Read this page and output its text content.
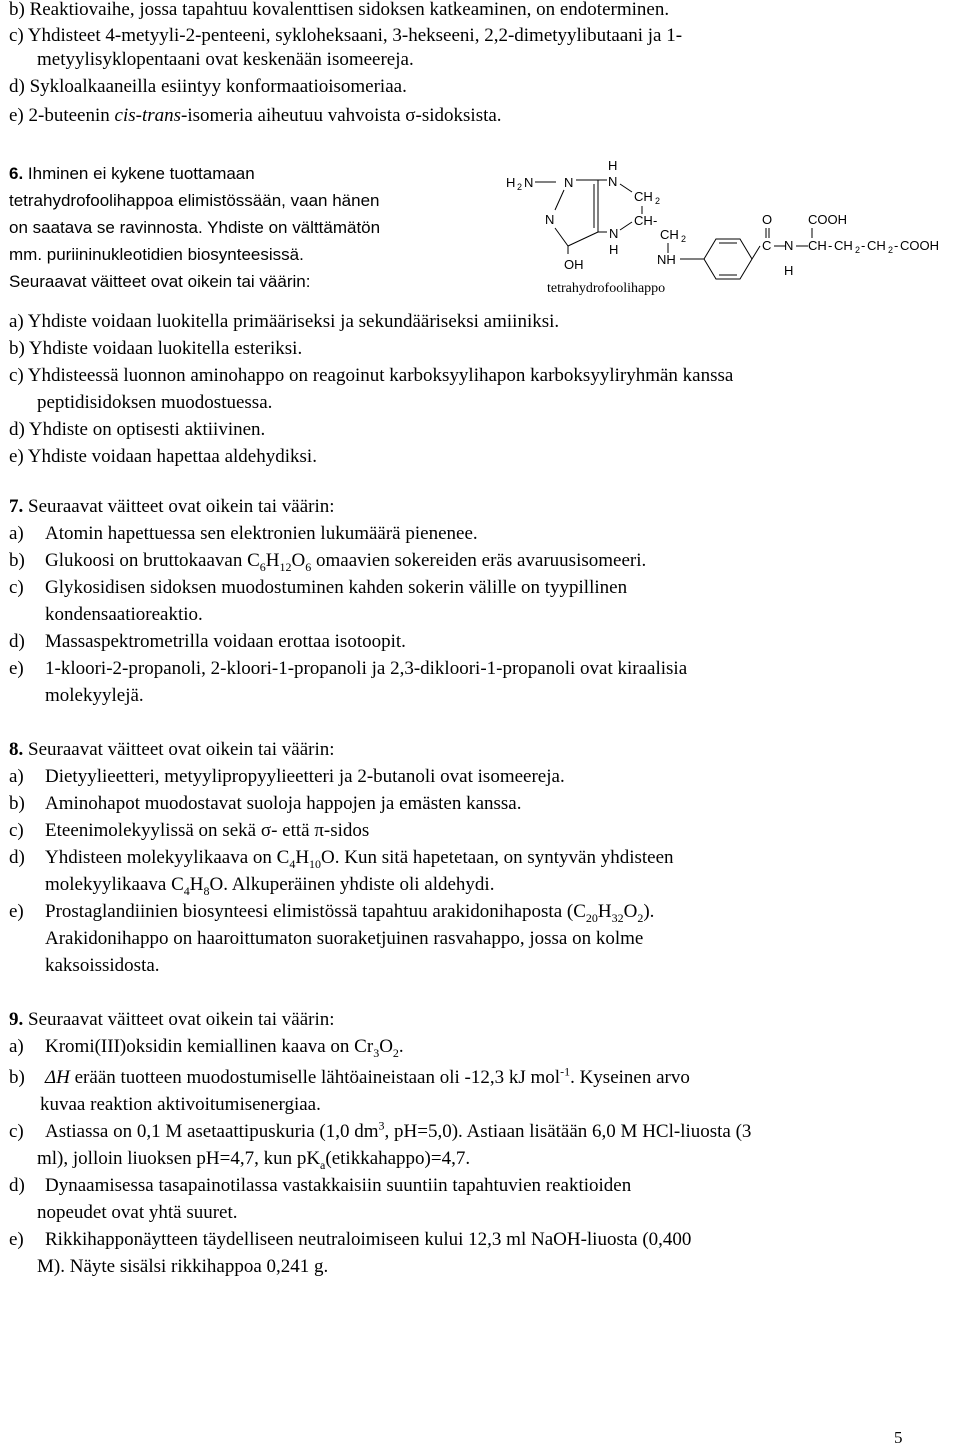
b) Reaktiovaihe, jossa tapahtuu kovalenttisen sidoksen katkeaminen, on endoterminen.
c) Yhdisteet 4-metyyli-2-penteeni, sykloheksaani, 3-hekseeni, 2,2-dimetyylibutaani ja 1-
metyylisyklopentaani ovat keskenään isomeereja.
d) Sykloalkaaneilla esiintyy konformaatioisomeriaa.
e) 2-buteenin cis-trans-isomeria aiheutuu vahvoista σ-sidoksista.
6. Ihminen ei kykene tuottamaan
tetrahydrofoolihappoa elimistössään, vaan hänen
on saatava se ravinnosta. Yhdiste on välttämätön
mm. puriininukleotidien biosynteesissä.
Seuraavat väitteet ovat oikein tai väärin:
H 2 N N
N
OH
H
N
CH 2
CH
N
H
-
CH 2
NH
O
C N
H
COOH
CH - CH 2 - CH 2 - COOH
tetrahydrofoolihappo
a) Yhdiste voidaan luokitella primääriseksi ja sekundääriseksi amiiniksi.
b) Yhdiste voidaan luokitella esteriksi.
c) Yhdisteessä luonnon aminohappo on reagoinut karboksyylihapon karboksyyliryhmän kanssa
peptidisidoksen muodostuessa.
d) Yhdiste on optisesti aktiivinen.
e) Yhdiste voidaan hapettaa aldehydiksi.
7. Seuraavat väitteet ovat oikein tai väärin:
a) Atomin hapettuessa sen elektronien lukumäärä pienenee.
b) Glukoosi on bruttokaavan $C_6H_{12}O_6$ omaavien sokereiden eräs avaruusisomeeri.
c) Glykosidisen sidoksen muodostuminen kahden sokerin välille on tyypillinen
kondensaatioreaktio.
d) Massaspektrometrilla voidaan erottaa isotoopit.
e) 1-kloori-2-propanoli, 2-kloori-1-propanoli ja 2,3-dikloori-1-propanoli ovat kiraalisia
molekyylejä.
8. Seuraavat väitteet ovat oikein tai väärin:
a) Dietyylieetteri, metyylipropyylieetteri ja 2-butanoli ovat isomeereja.
b) Aminohapot muodostavat suoloja happojen ja emästen kanssa.
c) Eteenimolekyylissä on sekä σ- että π-sidos
d) Yhdisteen molekyylikaava on $C_4H_{10}O$. Kun sitä hapetetaan, on syntyvän yhdisteen
molekyylikaava $C_4H_8O$. Alkuperäinen yhdiste oli aldehydi.
e) Prostaglandiinien biosynteesi elimistössä tapahtuu arakidonihaposta $(C_{20}H_{32}O_2)$.
Arakidonihappo on haaroittumaton suoraketjuinen rasvahappo, jossa on kolme
kaksoissidosta.
9. Seuraavat väitteet ovat oikein tai väärin:
a) Kromi(III)oksidin kemiallinen kaava on $Cr_3O_2$.
b) ΔH erään tuotteen muodostumiselle lähtöaineistaan oli -12,3 kJ mol$^{-1}$. Kyseinen arvo
kuvaa reaktion aktivoitumisenergiaa.
c) Astiassa on 0,1 M asetaattipuskuria (1,0 $dm^3$, pH=5,0). Astiaan lisätään 6,0 M HCl-liuosta (3
ml), jolloin liuoksen pH=4,7, kun $pK_a(etikkahappo)=4,7$.
d) Dynaamisessa tasapainotilassa vastakkaisiin suuntiin tapahtuvien reaktioiden
nopeudet ovat yhtä suuret.
e) Rikkihapponäytteen täydelliseen neutraloimiseen kului 12,3 ml NaOH-liuosta (0,400
M). Näyte sisälsi rikkihappoa 0,241 g.
5
